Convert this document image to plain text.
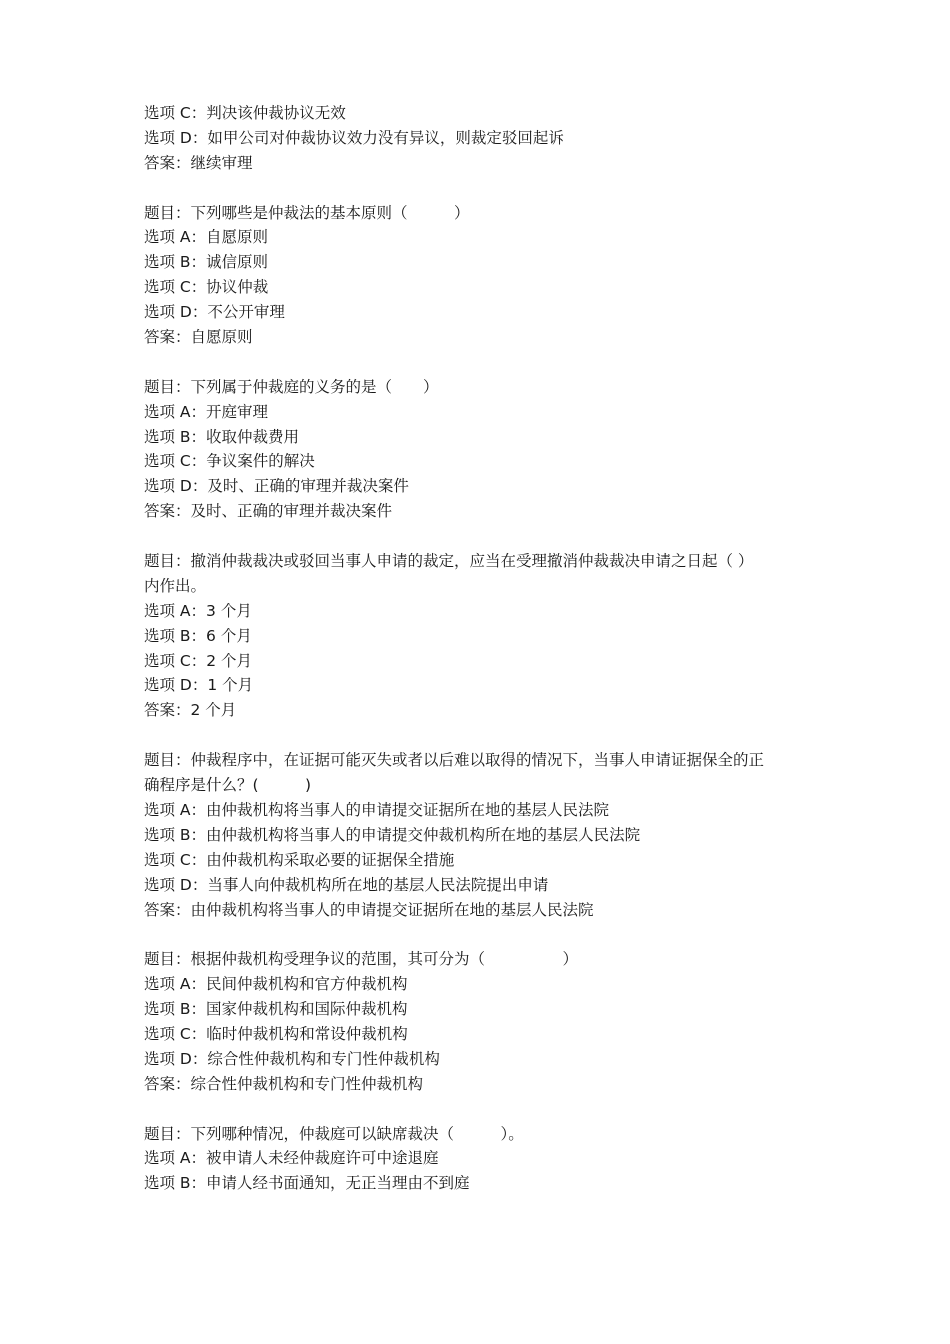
选项 C：判决该仲裁协议无效
选项 D：如甲公司对仲裁协议效力没有异议，则裁定驳回起诉
答案：继续审理
题目：下列哪些是仲裁法的基本原则（　　　）
选项 A：自愿原则
选项 B：诚信原则
选项 C：协议仲裁
选项 D：不公开审理
答案：自愿原则
题目：下列属于仲裁庭的义务的是（　　）
选项 A：开庭审理
选项 B：收取仲裁费用
选项 C：争议案件的解决
选项 D：及时、正确的审理并裁决案件
答案：及时、正确的审理并裁决案件
题目：撤消仲裁裁决或驳回当事人申请的裁定，应当在受理撤消仲裁裁决申请之日起（ ）
内作出。
选项 A：3 个月
选项 B：6 个月
选项 C：2 个月
选项 D：1 个月
答案：2 个月
题目：仲裁程序中，在证据可能灭失或者以后难以取得的情况下，当事人申请证据保全的正
确程序是什么？(　　　)
选项 A：由仲裁机构将当事人的申请提交证据所在地的基层人民法院
选项 B：由仲裁机构将当事人的申请提交仲裁机构所在地的基层人民法院
选项 C：由仲裁机构采取必要的证据保全措施
选项 D：当事人向仲裁机构所在地的基层人民法院提出申请
答案：由仲裁机构将当事人的申请提交证据所在地的基层人民法院
题目：根据仲裁机构受理争议的范围，其可分为（　　　　　）
选项 A：民间仲裁机构和官方仲裁机构
选项 B：国家仲裁机构和国际仲裁机构
选项 C：临时仲裁机构和常设仲裁机构
选项 D：综合性仲裁机构和专门性仲裁机构
答案：综合性仲裁机构和专门性仲裁机构
题目：下列哪种情况，仲裁庭可以缺席裁决（　　　）。
选项 A：被申请人未经仲裁庭许可中途退庭
选项 B：申请人经书面通知，无正当理由不到庭
